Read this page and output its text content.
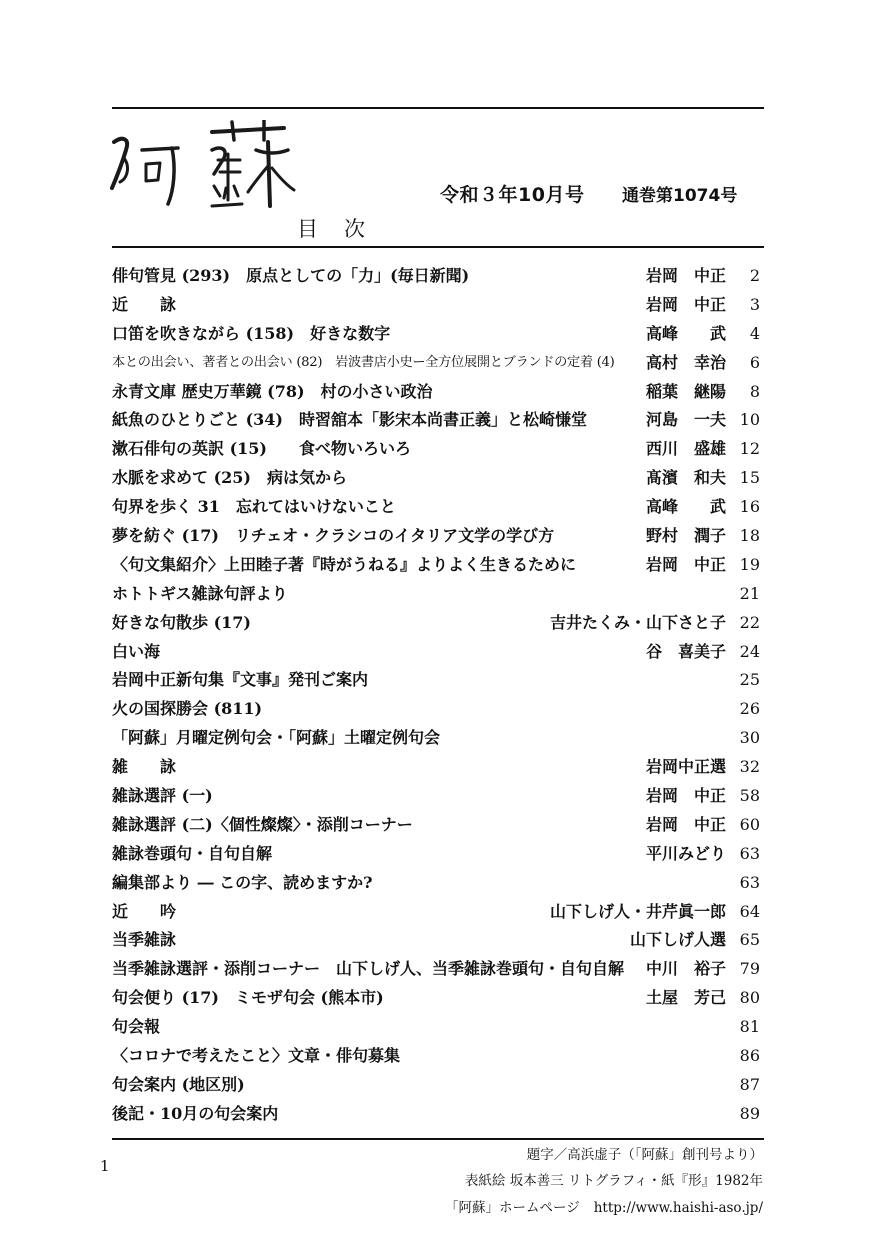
阿蘇
令和３年10月号 通巻第1074号
目次
俳句管見 (293)　原点としての「力」(毎日新聞)	岩岡　中正	2
近　　詠	岩岡　中正	3
口笛を吹きながら (158)　好きな数字	高峰　　武	4
本との出会い、著者との出会い (82)　岩波書店小史ー全方位展開とブランドの定着 (4) 高村　幸治	6
永青文庫 歴史万華鏡 (78)　村の小さい政治	稲葉　継陽	8
紙魚のひとりごと (34)　時習舘本「影宋本尚書正義」と松崎慊堂	河島　一夫 10
漱石俳句の英訳 (15)　　食べ物いろいろ	西川　盛雄 12
水脈を求めて (25)　病は気から	髙濱　和夫 15
句界を歩く 31　忘れてはいけないこと	高峰　　武 16
夢を紡ぐ (17)　リチェオ・クラシコのイタリア文学の学び方	野村　潤子 18
〈句文集紹介〉上田睦子著『時がうねる』よりよく生きるために	岩岡　中正 19
ホトトギス雑詠句評より	21
好きな句散歩 (17)	吉井たくみ・山下さと子 22
白い海	谷　喜美子 24
岩岡中正新句集『文事』発刊ご案内	25
火の国探勝会 (811)	26
「阿蘇」月曜定例句会・「阿蘇」土曜定例句会	30
雑　　詠	岩岡中正選 32
雑詠選評 (一)	岩岡　中正 58
雑詠選評 (二)〈個性燦燦〉・添削コーナー	岩岡　中正 60
雑詠巻頭句・自句自解	平川みどり 63
編集部より ― この字、読めますか?	63
近　　吟	山下しげ人・井芹眞一郎 64
当季雑詠	山下しげ人選 65
当季雑詠選評・添削コーナー　山下しげ人、当季雑詠巻頭句・自句自解 中川　裕子 79
句会便り (17)　ミモザ句会 (熊本市)	土屋　芳己 80
句会報	81
〈コロナで考えたこと〉文章・俳句募集	86
句会案内 (地区別)	87
後記・10月の句会案内	89
1
題字／高浜虚子（「阿蘇」創刊号より）
表紙絵 坂本善三 リトグラフィ・紙『形』1982年
「阿蘇」ホームページ http://www.haishi-aso.jp/
